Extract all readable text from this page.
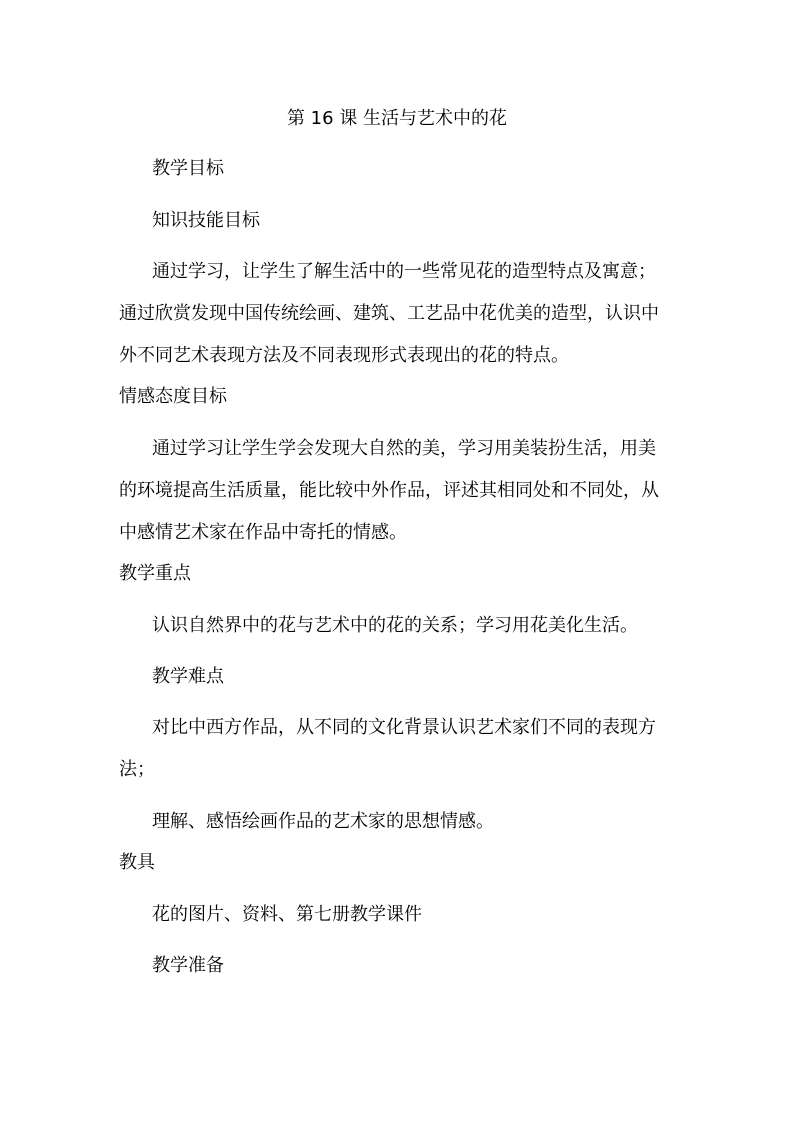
第 16 课 生活与艺术中的花
教学目标
知识技能目标
通过学习，让学生了解生活中的一些常见花的造型特点及寓意；
通过欣赏发现中国传统绘画、建筑、工艺品中花优美的造型，认识中
外不同艺术表现方法及不同表现形式表现出的花的特点。
情感态度目标
通过学习让学生学会发现大自然的美，学习用美装扮生活，用美
的环境提高生活质量，能比较中外作品，评述其相同处和不同处，从
中感情艺术家在作品中寄托的情感。
教学重点
认识自然界中的花与艺术中的花的关系；学习用花美化生活。
教学难点
对比中西方作品，从不同的文化背景认识艺术家们不同的表现方
法；
理解、感悟绘画作品的艺术家的思想情感。
教具
花的图片、资料、第七册教学课件
教学准备
